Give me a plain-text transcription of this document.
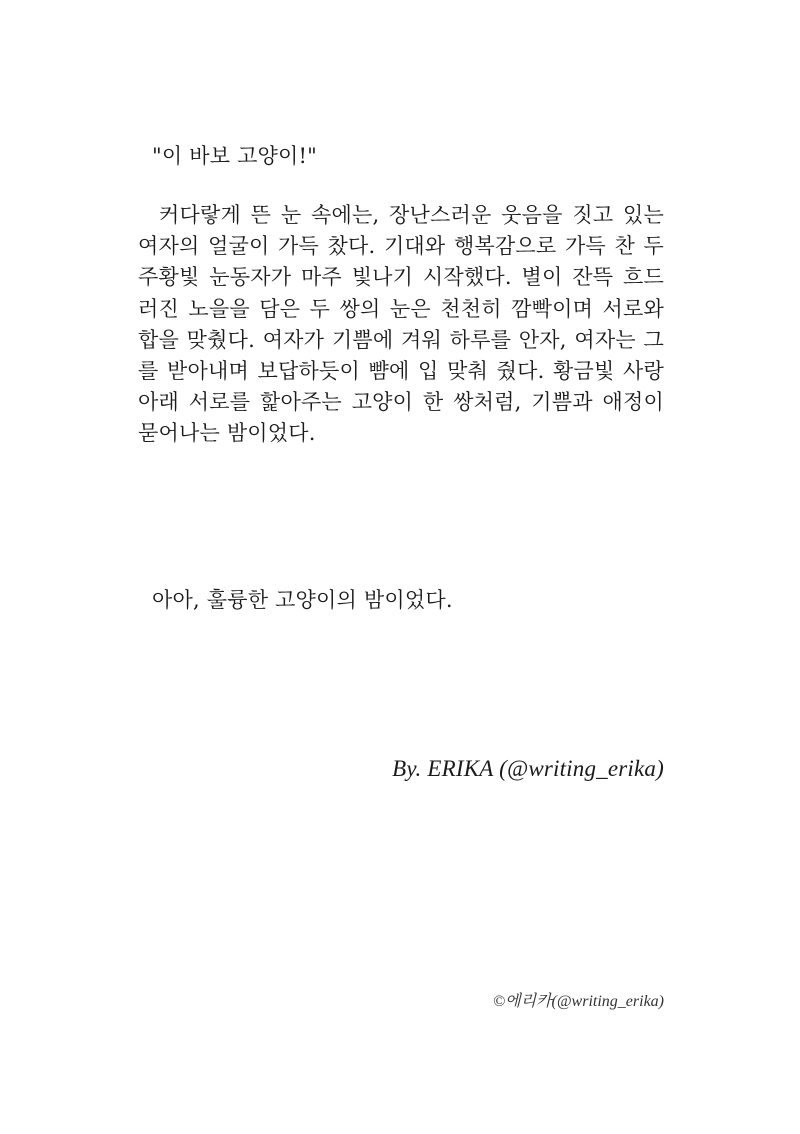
"이 바보 고양이!"
커다랗게 뜬 눈 속에는, 장난스러운 웃음을 짓고 있는 여자의 얼굴이 가득 찼다. 기대와 행복감으로 가득 찬 두 주황빛 눈동자가 마주 빛나기 시작했다. 별이 잔뜩 흐드러진 노을을 담은 두 쌍의 눈은 천천히 깜빡이며 서로와 합을 맞췄다. 여자가 기쁨에 겨워 하루를 안자, 여자는 그를 받아내며 보답하듯이 뺨에 입 맞춰 줬다. 황금빛 사랑 아래 서로를 핥아주는 고양이 한 쌍처럼, 기쁨과 애정이 묻어나는 밤이었다.
아아, 훌륭한 고양이의 밤이었다.
By. ERIKA (@writing_erika)
©에리카(@writing_erika)
